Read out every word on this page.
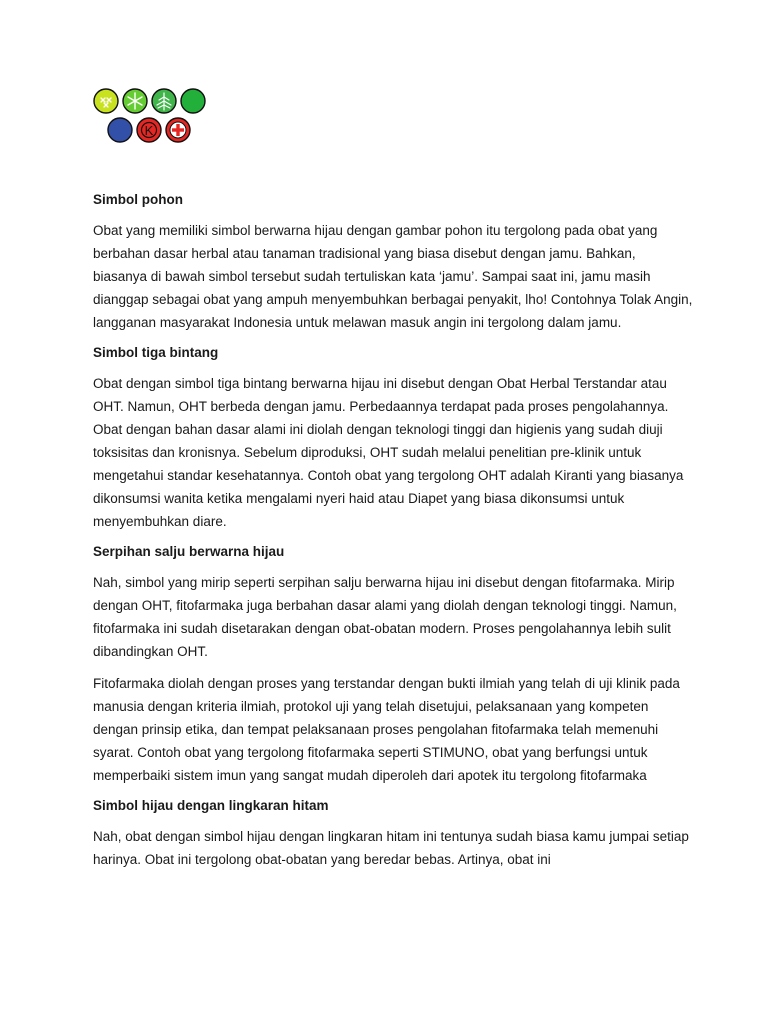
K
Simbol pohon

Obat yang memiliki simbol berwarna hijau dengan gambar pohon itu tergolong pada obat yang berbahan dasar herbal atau tanaman tradisional yang biasa disebut dengan jamu. Bahkan, biasanya di bawah simbol tersebut sudah tertuliskan kata ‘jamu’. Sampai saat ini, jamu masih dianggap sebagai obat yang ampuh menyembuhkan berbagai penyakit, lho! Contohnya Tolak Angin, langganan masyarakat Indonesia untuk melawan masuk angin ini tergolong dalam jamu.

Simbol tiga bintang

Obat dengan simbol tiga bintang berwarna hijau ini disebut dengan Obat Herbal Terstandar atau OHT. Namun, OHT berbeda dengan jamu. Perbedaannya terdapat pada proses pengolahannya. Obat dengan bahan dasar alami ini diolah dengan teknologi tinggi dan higienis yang sudah diuji toksisitas dan kronisnya. Sebelum diproduksi, OHT sudah melalui penelitian pre-klinik untuk mengetahui standar kesehatannya. Contoh obat yang tergolong OHT adalah Kiranti yang biasanya dikonsumsi wanita ketika mengalami nyeri haid atau Diapet yang biasa dikonsumsi untuk menyembuhkan diare.

Serpihan salju berwarna hijau

Nah, simbol yang mirip seperti serpihan salju berwarna hijau ini disebut dengan fitofarmaka. Mirip dengan OHT, fitofarmaka juga berbahan dasar alami yang diolah dengan teknologi tinggi. Namun, fitofarmaka ini sudah disetarakan dengan obat-obatan modern. Proses pengolahannya lebih sulit dibandingkan OHT.

Fitofarmaka diolah dengan proses yang terstandar dengan bukti ilmiah yang telah di uji klinik pada manusia dengan kriteria ilmiah, protokol uji yang telah disetujui, pelaksanaan yang kompeten dengan prinsip etika, dan tempat pelaksanaan proses pengolahan fitofarmaka telah memenuhi syarat. Contoh obat yang tergolong fitofarmaka seperti STIMUNO, obat yang berfungsi untuk memperbaiki sistem imun yang sangat mudah diperoleh dari apotek itu tergolong fitofarmaka

Simbol hijau dengan lingkaran hitam

Nah, obat dengan simbol hijau dengan lingkaran hitam ini tentunya sudah biasa kamu jumpai setiap harinya. Obat ini tergolong obat-obatan yang beredar bebas. Artinya, obat ini
